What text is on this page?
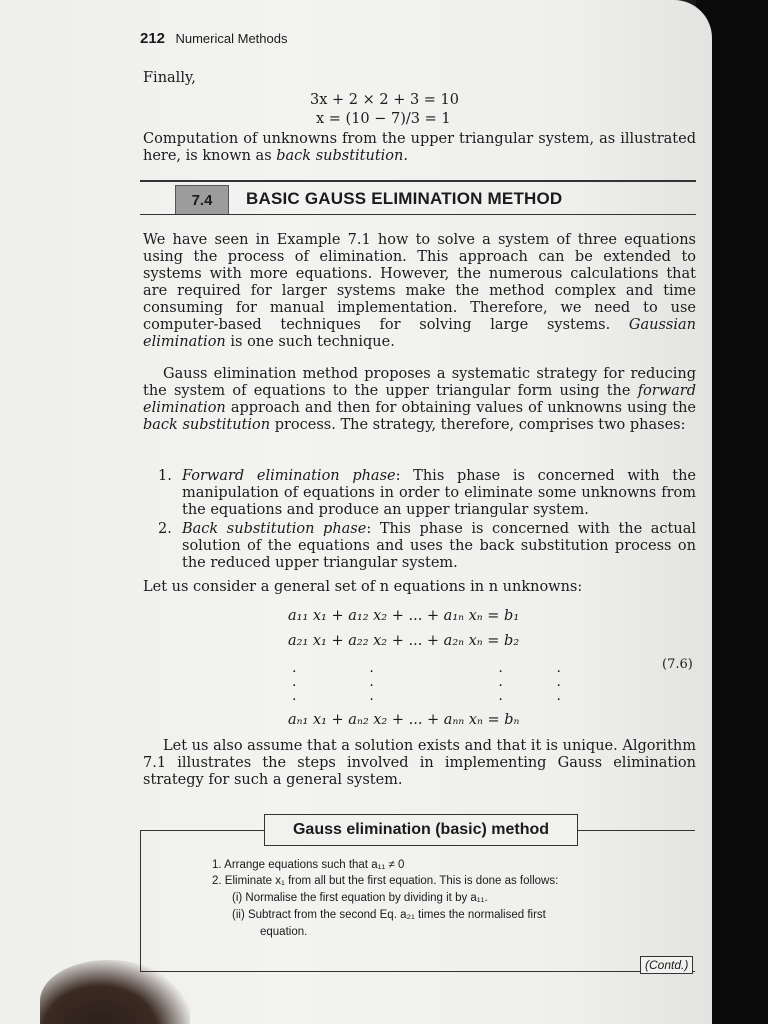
212 Numerical Methods
Finally,
3x + 2 × 2 + 3 = 10
x = (10 − 7)/3 = 1
Computation of unknowns from the upper triangular system, as illustrated here, is known as back substitution.
7.4	BASIC GAUSS ELIMINATION METHOD
We have seen in Example 7.1 how to solve a system of three equations using the process of elimination. This approach can be extended to systems with more equations. However, the numerous calculations that are required for larger systems make the method complex and time consuming for manual implementation. Therefore, we need to use computer-based techniques for solving large systems. Gaussian elimination is one such technique.
Gauss elimination method proposes a systematic strategy for reducing the system of equations to the upper triangular form using the forward elimination approach and then for obtaining values of unknowns using the back substitution process. The strategy, therefore, comprises two phases:
1. Forward elimination phase: This phase is concerned with the manipulation of equations in order to eliminate some unknowns from the equations and produce an upper triangular system.
2. Back substitution phase: This phase is concerned with the actual solution of the equations and uses the back substitution process on the reduced upper triangular system.
Let us consider a general set of n equations in n unknowns:
a₁₁ x₁ + a₁₂ x₂ + ... + a₁ₙ xₙ = b₁
a₂₁ x₁ + a₂₂ x₂ + ... + a₂ₙ xₙ = b₂
(7.6)
.           .                   .        .
.           .                   .        .
.           .                   .        .
aₙ₁ x₁ + aₙ₂ x₂ + ... + aₙₙ xₙ = bₙ
Let us also assume that a solution exists and that it is unique. Algorithm 7.1 illustrates the steps involved in implementing Gauss elimination strategy for such a general system.
Gauss elimination (basic) method
1. Arrange equations such that a₁₁ ≠ 0
2. Eliminate x₁ from all but the first equation. This is done as follows:
(i) Normalise the first equation by dividing it by a₁₁.
(ii) Subtract from the second Eq. a₂₁ times the normalised first
equation.
(Contd.)
